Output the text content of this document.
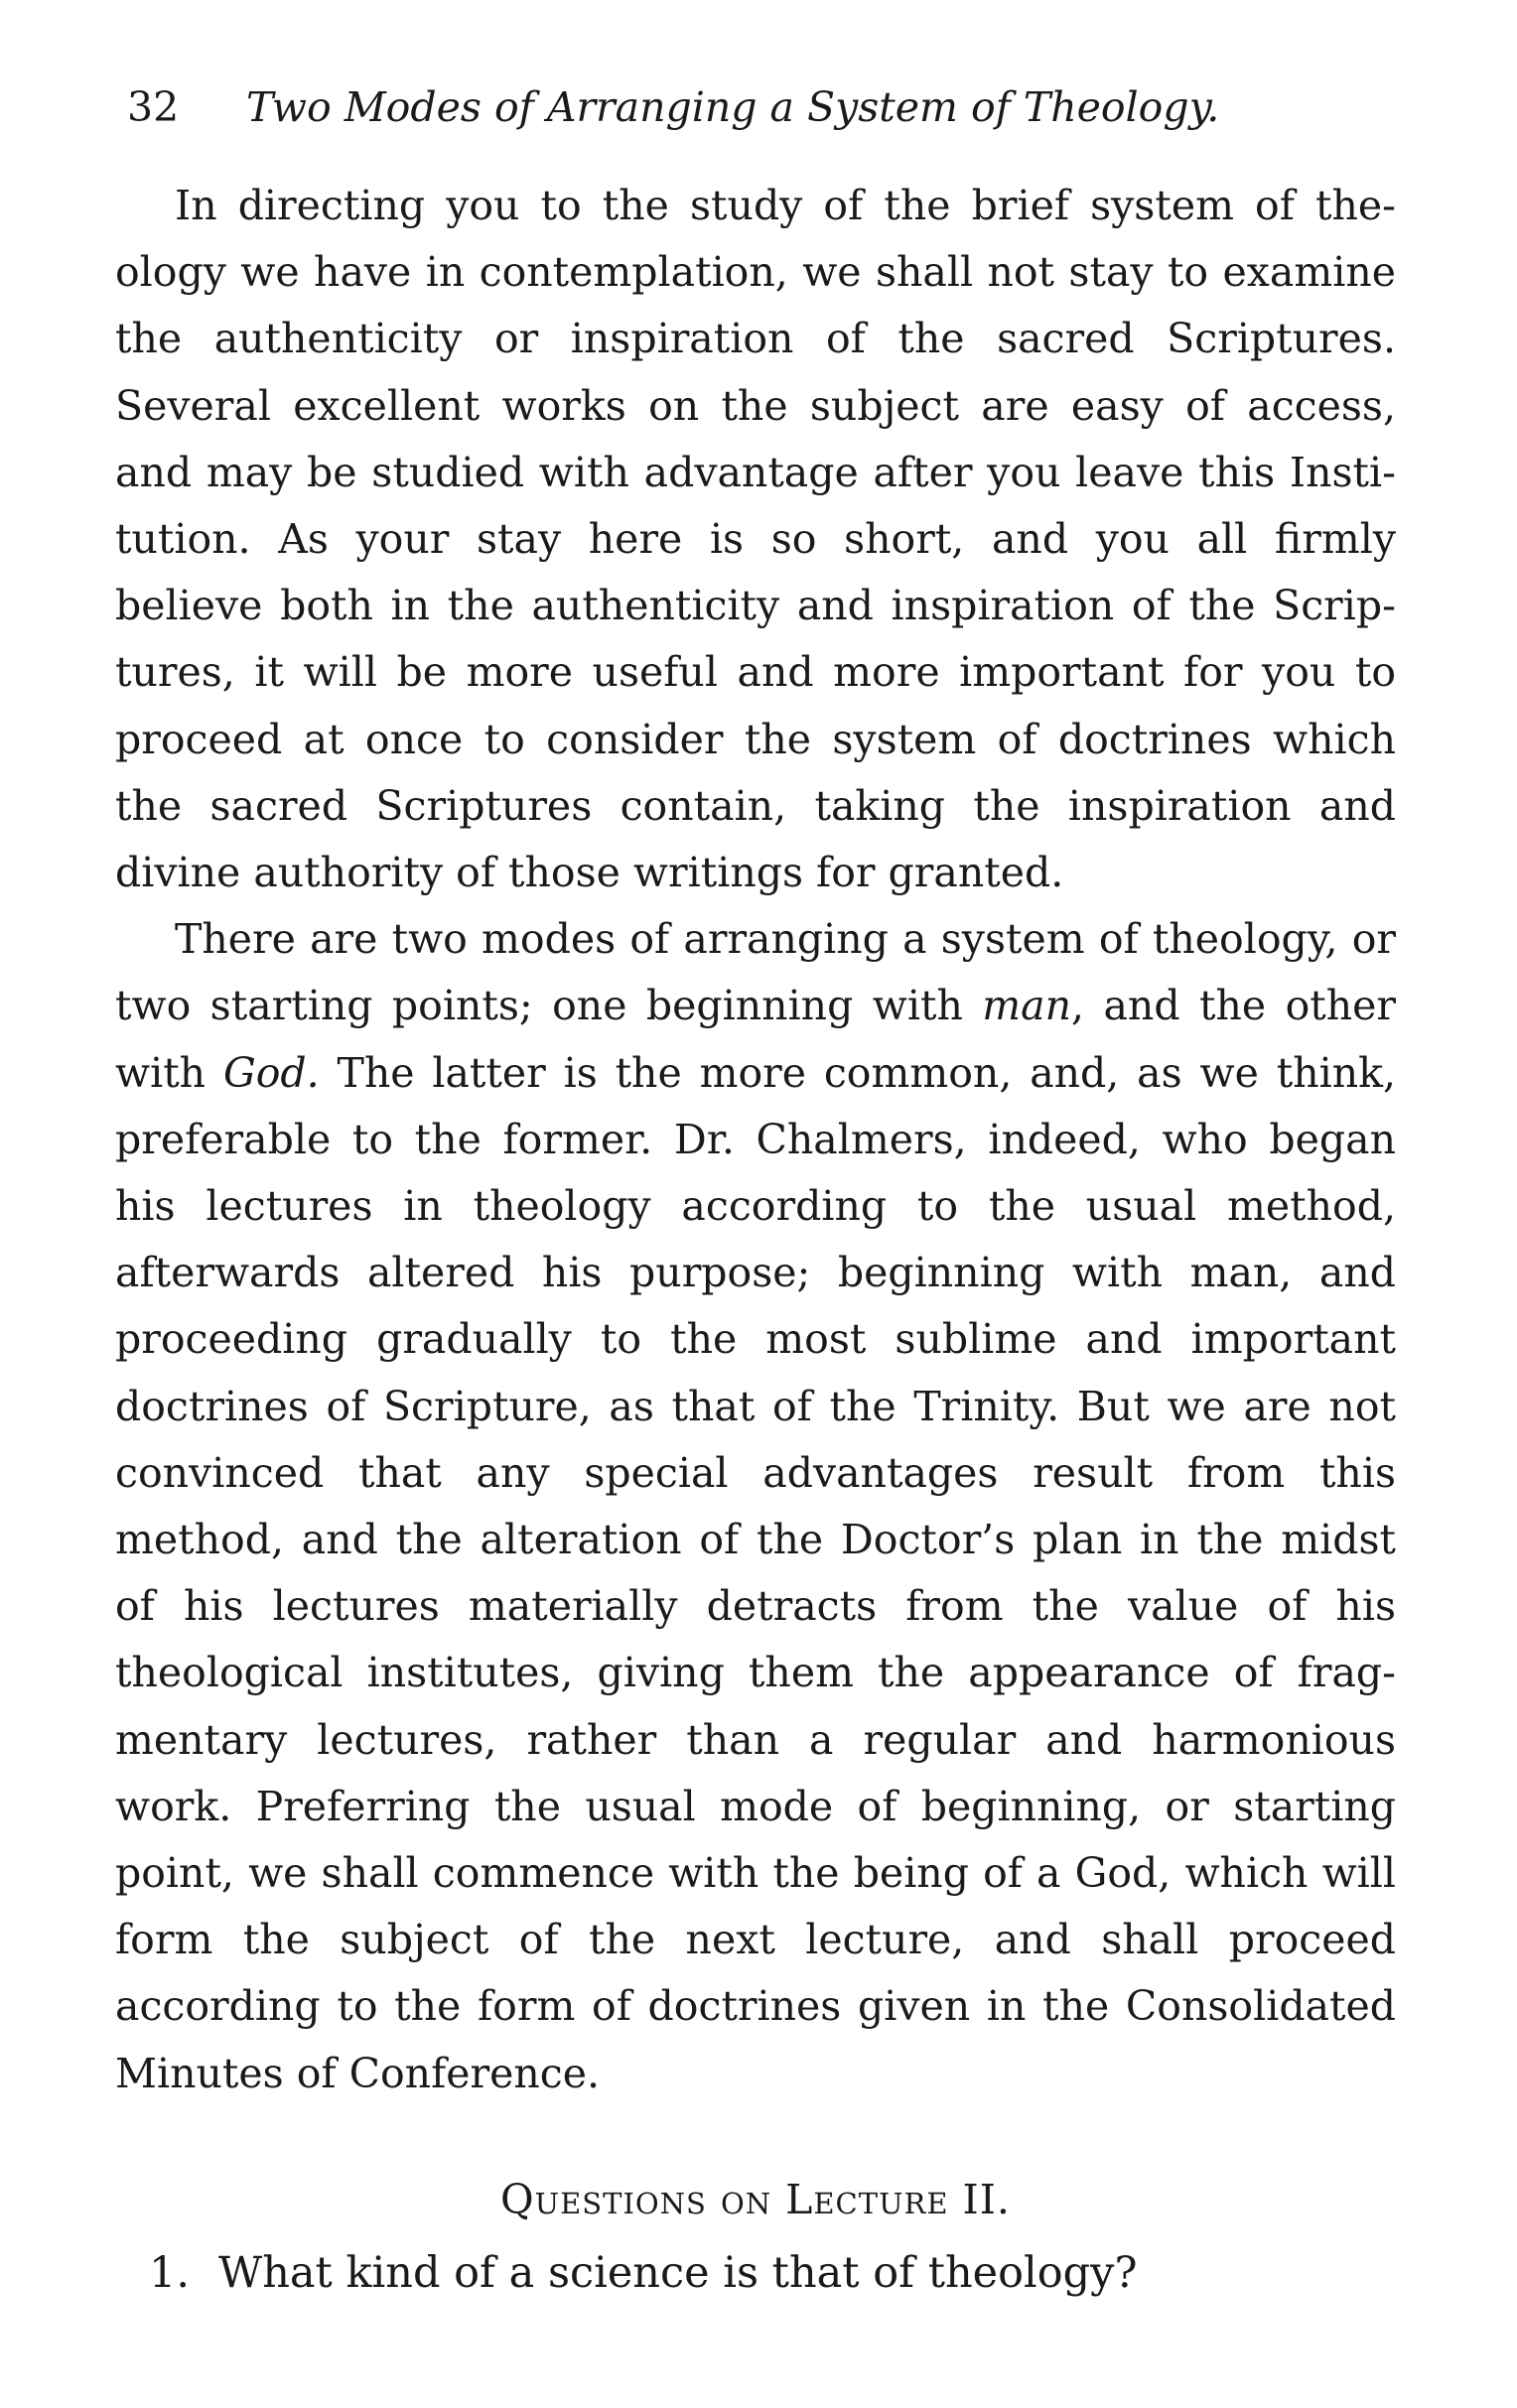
32 Two Modes of Arranging a System of Theology.

In directing you to the study of the brief system of theology we have in contemplation, we shall not stay to examine the authenticity or inspiration of the sacred Scriptures. Several excellent works on the subject are easy of access, and may be studied with advantage after you leave this Institution. As your stay here is so short, and you all firmly believe both in the authenticity and inspiration of the Scriptures, it will be more useful and more important for you to proceed at once to consider the system of doctrines which the sacred Scriptures contain, taking the inspiration and divine authority of those writings for granted.

There are two modes of arranging a system of theology, or two starting points; one beginning with man, and the other with God. The latter is the more common, and, as we think, preferable to the former. Dr. Chalmers, indeed, who began his lectures in theology according to the usual method, afterwards altered his purpose; beginning with man, and proceeding gradually to the most sublime and important doctrines of Scripture, as that of the Trinity. But we are not convinced that any special advantages result from this method, and the alteration of the Doctor’s plan in the midst of his lectures materially detracts from the value of his theological institutes, giving them the appearance of fragmentary lectures, rather than a regular and harmonious work. Preferring the usual mode of beginning, or starting point, we shall commence with the being of a God, which will form the subject of the next lecture, and shall proceed according to the form of doctrines given in the Consolidated Minutes of Conference.

Questions on Lecture II.
1. What kind of a science is that of theology?
